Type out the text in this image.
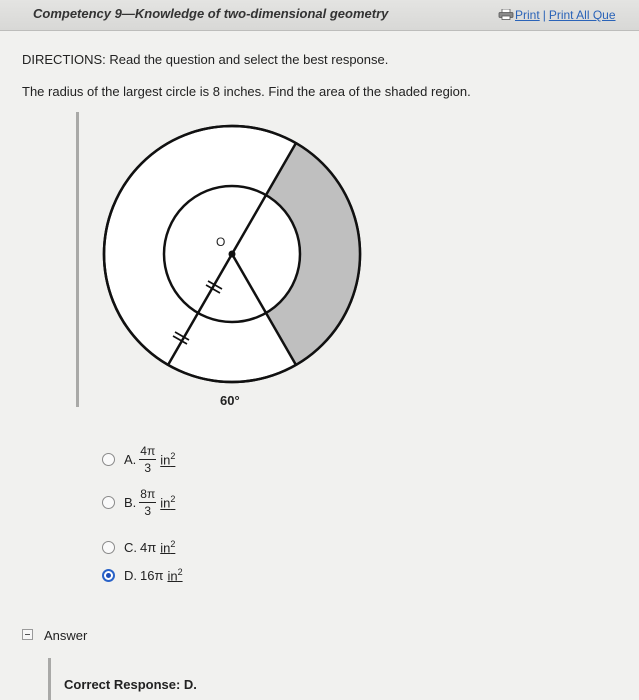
Competency 9—Knowledge of two-dimensional geometry	Print | Print All Que
DIRECTIONS: Read the question and select the best response.
The radius of the largest circle is 8 inches. Find the area of the shaded region.
O
60°
A. $\frac{4\pi}{3} in^2$
B. $\frac{8\pi}{3} in^2$
C. 4π $in^2$
D. 16π $in^2$
Answer
Correct Response: D.
